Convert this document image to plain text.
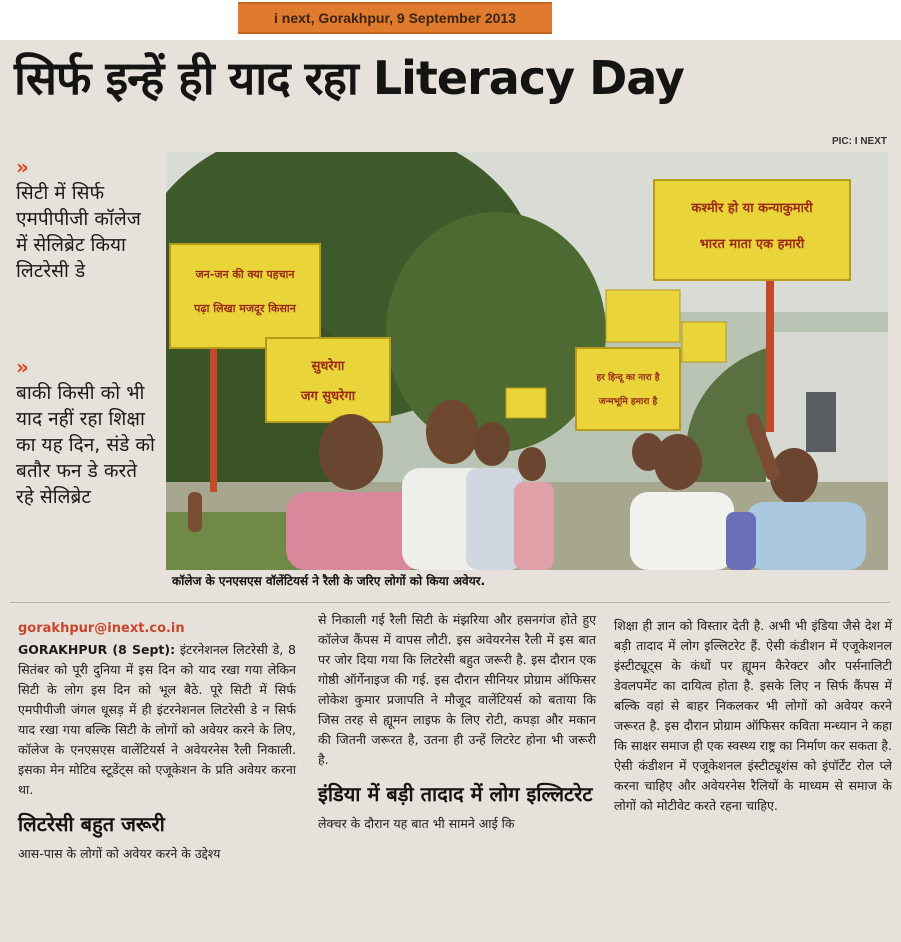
i next, Gorakhpur, 9 September 2013
सिर्फ इन्हें ही याद रहा Literacy Day
PIC: I NEXT
»
सिटी में सिर्फ एमपीपीजी कॉलेज में सेलिब्रेट किया लिटरेसी डे
»
बाकी किसी को भी याद नहीं रहा शिक्षा का यह दिन, संडे को बतौर फन डे करते रहे सेलिब्रेट
कश्मीर हो या कन्याकुमारी
भारत माता एक हमारी
जन-जन की क्या पहचान
पढ़ा लिखा मजदूर किसान
सुधरेगा
जग सुधरेगा
हर हिन्दू का नारा है
जन्मभूमि हमारा है
कॉलेज के एनएसएस वॉलेंटियर्स ने रैली के जरिए लोगों को किया अवेयर.
gorakhpur@inext.co.in

GORAKHPUR (8 Sept): इंटरनेशनल लिटरेसी डे, 8 सितंबर को पूरी दुनिया में इस दिन को याद रखा गया लेकिन सिटी के लोग इस दिन को भूल बैठे. पूरे सिटी में सिर्फ एमपीपीजी जंगल धूसड़ में ही इंटरनेशनल लिटरेसी डे न सिर्फ याद रखा गया बल्कि सिटी के लोगों को अवेयर करने के लिए, कॉलेज के एनएसएस वालेंटियर्स ने अवेयरनेस रैली निकाली. इसका मेन मोटिव स्टूडेंट्स को एजूकेशन के प्रति अवेयर करना था.

लिटरेसी बहुत जरूरी

आस-पास के लोगों को अवेयर करने के उद्देश्य

से निकाली गई रैली सिटी के मंझरिया और हसनगंज होते हुए कॉलेज कैंपस में वापस लौटी. इस अवेयरनेस रैली में इस बात पर जोर दिया गया कि लिटरेसी बहुत जरूरी है. इस दौरान एक गोष्ठी ऑर्गेनाइज की गई. इस दौरान सीनियर प्रोग्राम ऑफिसर लोकेश कुमार प्रजापति ने मौजूद वालेंटियर्स को बताया कि जिस तरह से ह्यूमन लाइफ के लिए रोटी, कपड़ा और मकान की जितनी जरूरत है, उतना ही उन्हें लिटरेट होना भी जरूरी है.

इंडिया में बड़ी तादाद में लोग इल्लिटरेट

लेक्चर के दौरान यह बात भी सामने आई कि

शिक्षा ही ज्ञान को विस्तार देती है. अभी भी इंडिया जैसे देश में बड़ी तादाद में लोग इल्लिटरेट हैं. ऐसी कंडीशन में एजूकेशनल इंस्टीट्यूट्स के कंधों पर ह्यूमन कैरेक्टर और पर्सनालिटी डेवलपमेंट का दायित्व होता है. इसके लिए न सिर्फ कैंपस में बल्कि वहां से बाहर निकलकर भी लोगों को अवेयर करने जरूरत है. इस दौरान प्रोग्राम ऑफिसर कविता मन्ध्यान ने कहा कि साक्षर समाज ही एक स्वस्थ्य राष्ट्र का निर्माण कर सकता है. ऐसी कंडीशन में एजूकेशनल इंस्टीट्यूशंस को इंपॉर्टेंट रोल प्ले करना चाहिए और अवेयरनेस रैलियों के माध्यम से समाज के लोगों को मोटीवेट करते रहना चाहिए.
